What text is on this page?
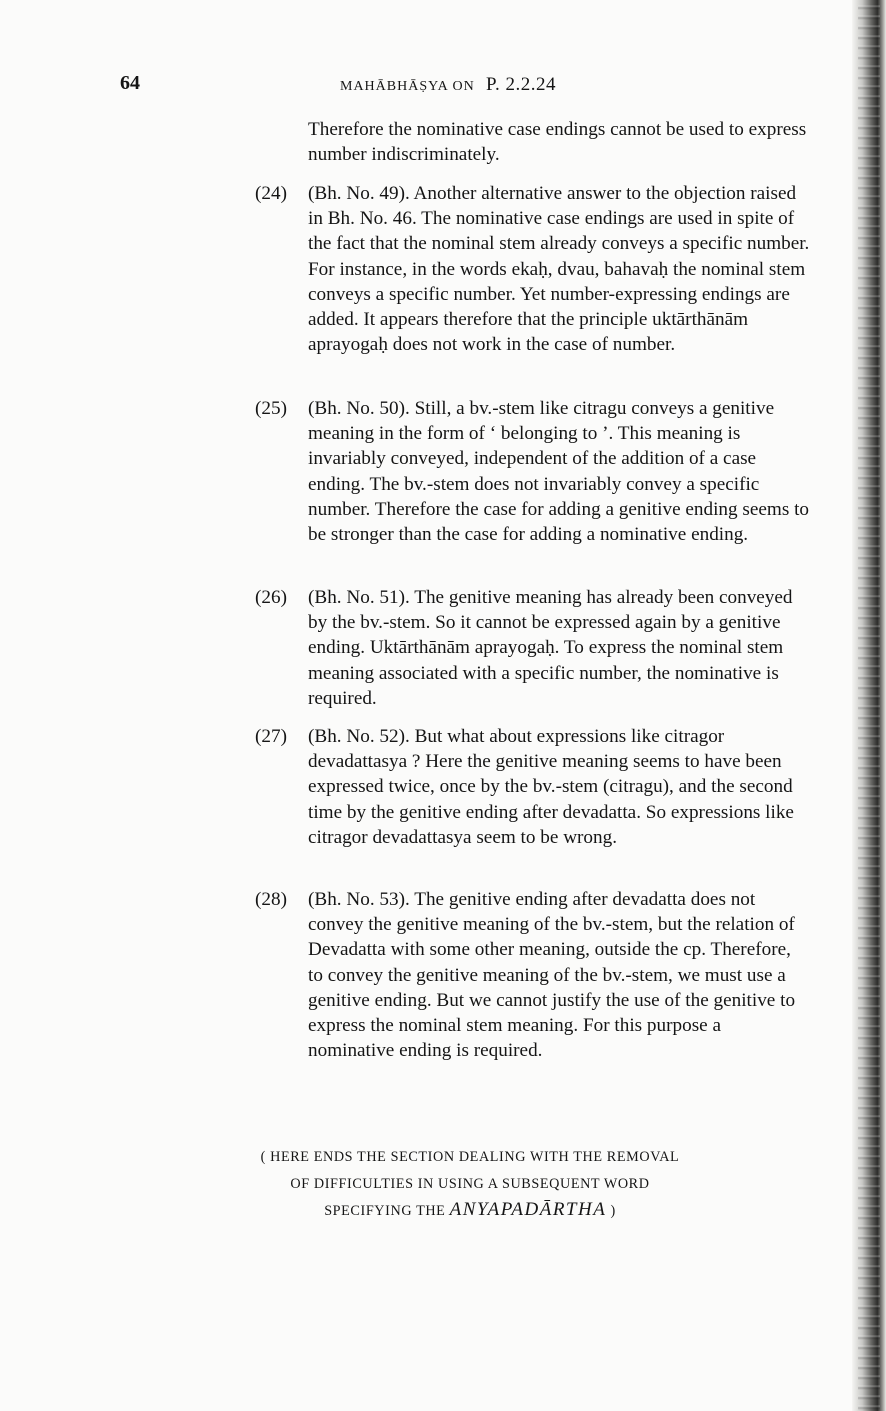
64	MAHĀBHĀṢYA ON P. 2.2.24
Therefore the nominative case endings cannot be used to express number indiscriminately.
(24) (Bh. No. 49). Another alternative answer to the objection raised in Bh. No. 46. The nominative case endings are used in spite of the fact that the nominal stem already conveys a specific number. For instance, in the words ekaḥ, dvau, bahavaḥ the nominal stem conveys a specific number. Yet number-expressing endings are added. It appears therefore that the principle uktārthānām aprayogaḥ does not work in the case of number.
(25) (Bh. No. 50). Still, a bv.-stem like citragu conveys a genitive meaning in the form of ‘ belonging to ’. This meaning is invariably conveyed, independent of the addition of a case ending. The bv.-stem does not invariably convey a specific number. Therefore the case for adding a genitive ending seems to be stronger than the case for adding a nominative ending.
(26) (Bh. No. 51). The genitive meaning has already been conveyed by the bv.-stem. So it cannot be expressed again by a genitive ending. Uktārthānām aprayogaḥ. To express the nominal stem meaning associated with a specific number, the nominative is required.
(27) (Bh. No. 52). But what about expressions like citragor devadattasya ? Here the genitive meaning seems to have been expressed twice, once by the bv.-stem (citragu), and the second time by the genitive ending after devadatta. So expressions like citragor devadattasya seem to be wrong.
(28) (Bh. No. 53). The genitive ending after devadatta does not convey the genitive meaning of the bv.-stem, but the relation of Devadatta with some other meaning, outside the cp. Therefore, to convey the genitive meaning of the bv.-stem, we must use a genitive ending. But we cannot justify the use of the genitive to express the nominal stem meaning. For this purpose a nominative ending is required.
( HERE ENDS THE SECTION DEALING WITH THE REMOVAL
OF DIFFICULTIES IN USING A SUBSEQUENT WORD
SPECIFYING THE ANYAPADĀRTHA )
